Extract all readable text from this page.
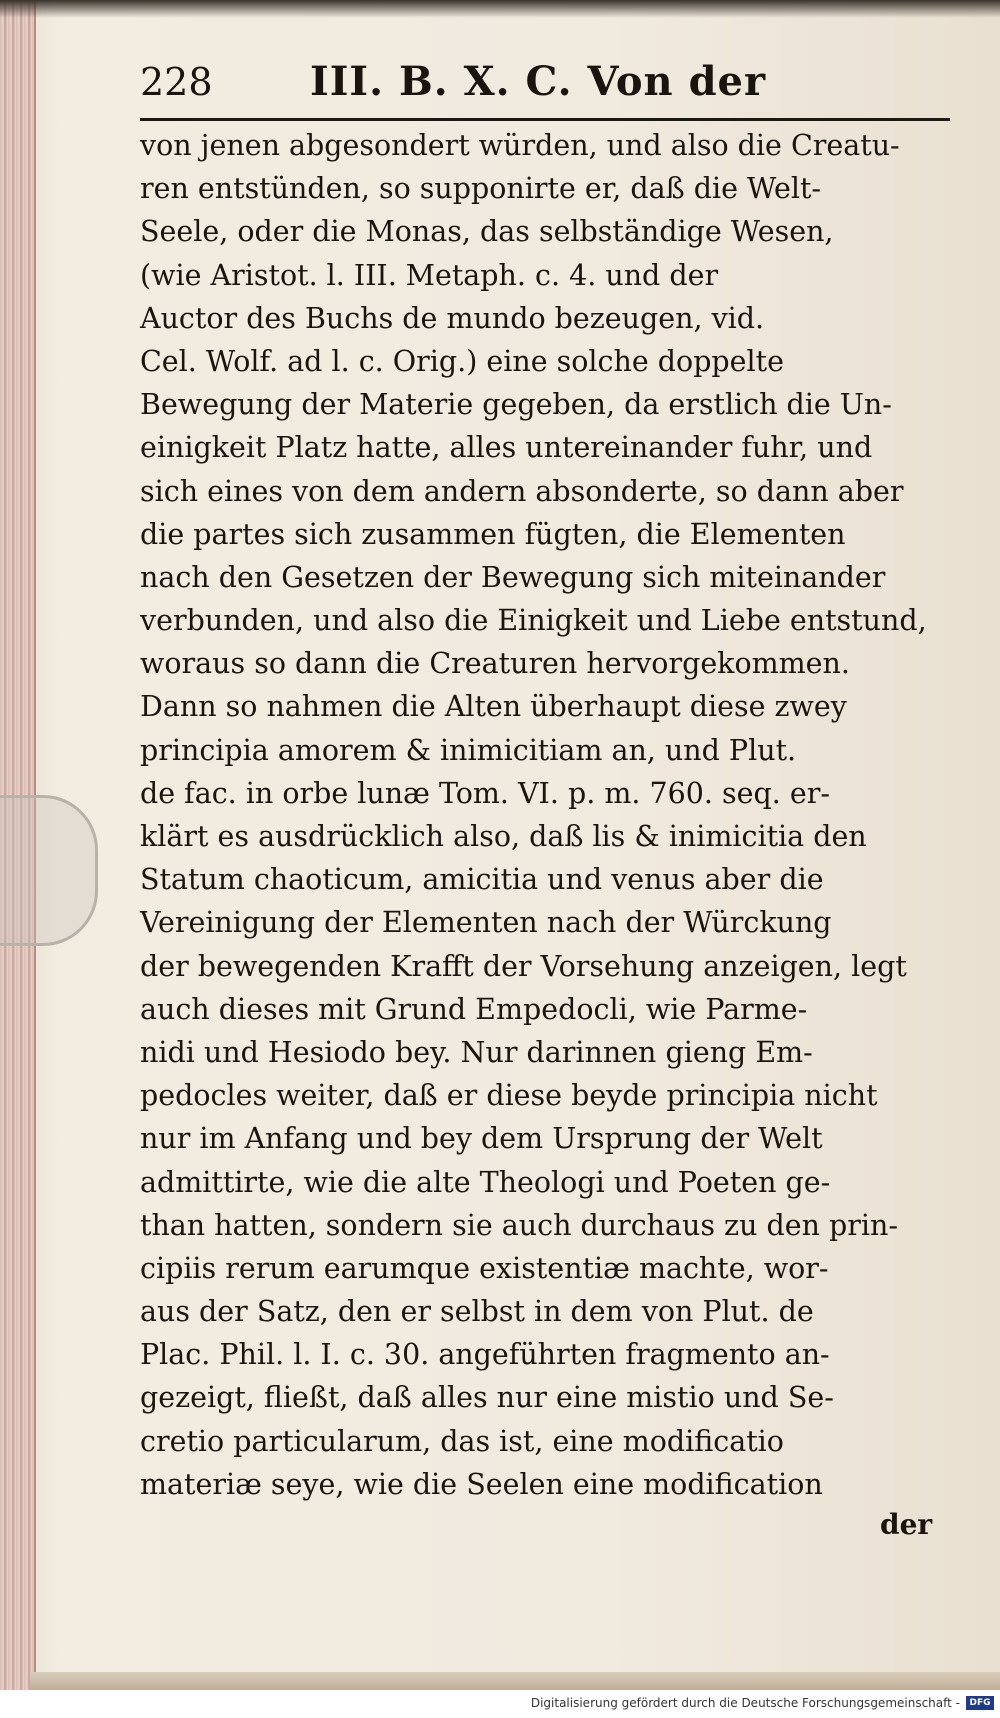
228 III. B. X. C. Von der
von jenen abgesondert würden, und also die Creatu-
ren entstünden, so supponirte er, daß die Welt-
Seele, oder die Monas, das selbständige Wesen,
(wie Aristot. l. III. Metaph. c. 4. und der
Auctor des Buchs de mundo bezeugen, vid.
Cel. Wolf. ad l. c. Orig.) eine solche doppelte
Bewegung der Materie gegeben, da erstlich die Un-
einigkeit Platz hatte, alles untereinander fuhr, und
sich eines von dem andern absonderte, so dann aber
die partes sich zusammen fügten, die Elementen
nach den Gesetzen der Bewegung sich miteinander
verbunden, und also die Einigkeit und Liebe entstund,
woraus so dann die Creaturen hervorgekommen.
Dann so nahmen die Alten überhaupt diese zwey
principia amorem & inimicitiam an, und Plut.
de fac. in orbe lunæ Tom. VI. p. m. 760. seq. er-
klärt es ausdrücklich also, daß lis & inimicitia den
Statum chaoticum, amicitia und venus aber die
Vereinigung der Elementen nach der Würckung
der bewegenden Krafft der Vorsehung anzeigen, legt
auch dieses mit Grund Empedocli, wie Parme-
nidi und Hesiodo bey. Nur darinnen gieng Em-
pedocles weiter, daß er diese beyde principia nicht
nur im Anfang und bey dem Ursprung der Welt
admittirte, wie die alte Theologi und Poeten ge-
than hatten, sondern sie auch durchaus zu den prin-
cipiis rerum earumque existentiæ machte, wor-
aus der Satz, den er selbst in dem von Plut. de
Plac. Phil. l. I. c. 30. angeführten fragmento an-
gezeigt, fließt, daß alles nur eine mistio und Se-
cretio particularum, das ist, eine modificatio
materiæ seye, wie die Seelen eine modification
der
Digitalisierung gefördert durch die Deutsche Forschungsgemeinschaft -	DFG
